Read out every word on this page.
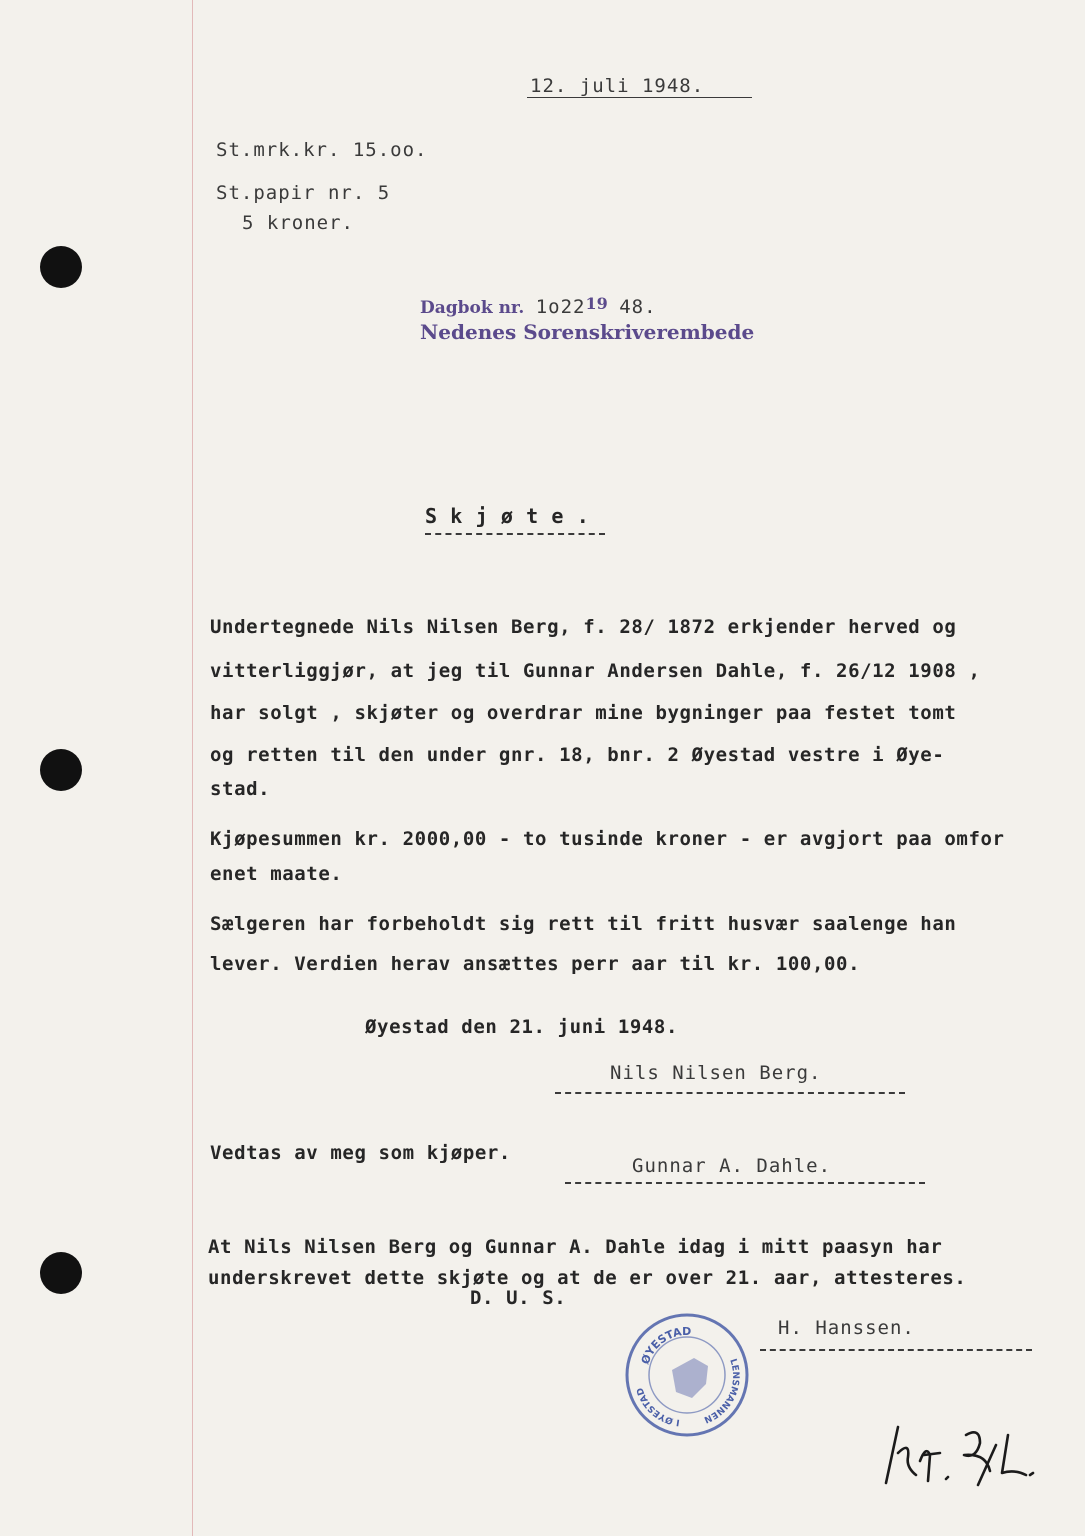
12. juli 1948.
St.mrk.kr. 15.oo.
St.papir nr. 5
5 kroner.
Dagbok nr. $1o22^{19}$ 48.
Nedenes Sorenskriverembede
S k j ø t e .
Undertegnede Nils Nilsen Berg, f. 28/ 1872 erkjender herved og
vitterliggjør, at jeg til Gunnar Andersen Dahle, f. 26/12 1908 ,
har solgt , skjøter og overdrar mine bygninger paa festet tomt
og retten til den under gnr. 18, bnr. 2 Øyestad vestre i Øye-
stad.
Kjøpesummen kr. 2000,00 - to tusinde kroner - er avgjort paa omfor
enet maate.
Sælgeren har forbeholdt sig rett til fritt husvær saalenge han
lever. Verdien herav ansættes perr aar til kr. 100,00.
Øyestad den 21. juni 1948.
Nils Nilsen Berg.
Vedtas av meg som kjøper.
Gunnar A. Dahle.
At Nils Nilsen Berg og Gunnar A. Dahle idag i mitt paasyn har
underskrevet dette skjøte og at de er over 21. aar, attesteres.
D. U. S.
H. Hanssen.
ØYESTAD
LENSMANNEN
I ØYESTAD
